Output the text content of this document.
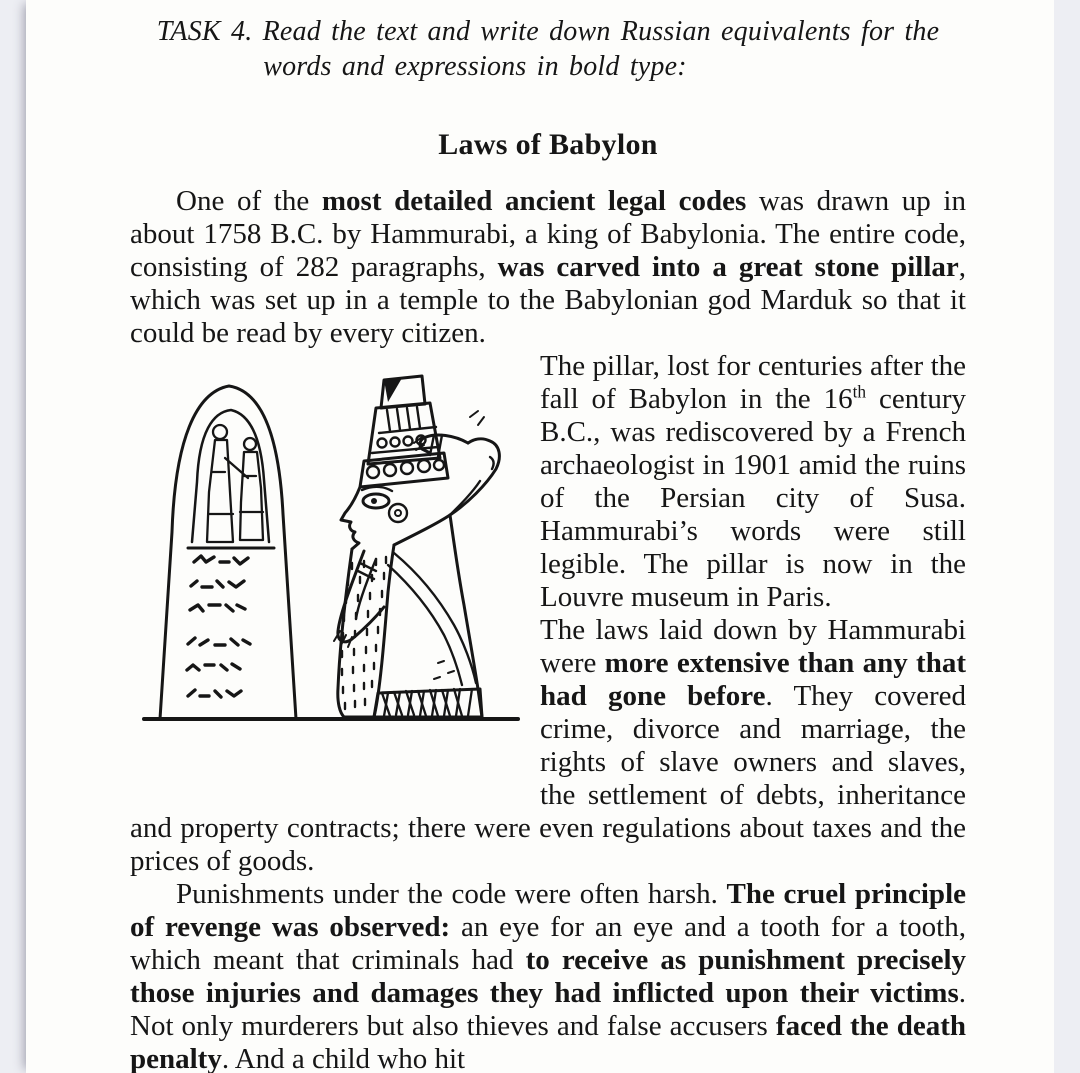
TASK 4. Read the text and write down Russian equivalents for the
words and expressions in bold type:
Laws of Babylon

One of the most detailed ancient legal codes was drawn up in about 1758 B.C. by Hammurabi, a king of Babylonia. The entire code, consisting of 282 paragraphs, was carved into a great stone pillar, which was set up in a temple to the Babylonian god Marduk so that it could be read by every citizen.

The pillar, lost for centuries after the fall of Babylon in the 16th century B.C., was rediscovered by a French archaeologist in 1901 amid the ruins of the Persian city of Susa. Hammurabi’s words were still legible. The pillar is now in the Louvre museum in Paris.

The laws laid down by Hammurabi were more extensive than any that had gone before. They covered crime, divorce and marriage, the rights of slave owners and slaves, the settlement of debts, inheritance and property contracts; there were even regulations about taxes and the prices of goods.

Punishments under the code were often harsh. The cruel principle of revenge was observed: an eye for an eye and a tooth for a tooth, which meant that criminals had to receive as punishment precisely those injuries and damages they had inflicted upon their victims. Not only murderers but also thieves and false accusers faced the death penalty. And a child who hit
